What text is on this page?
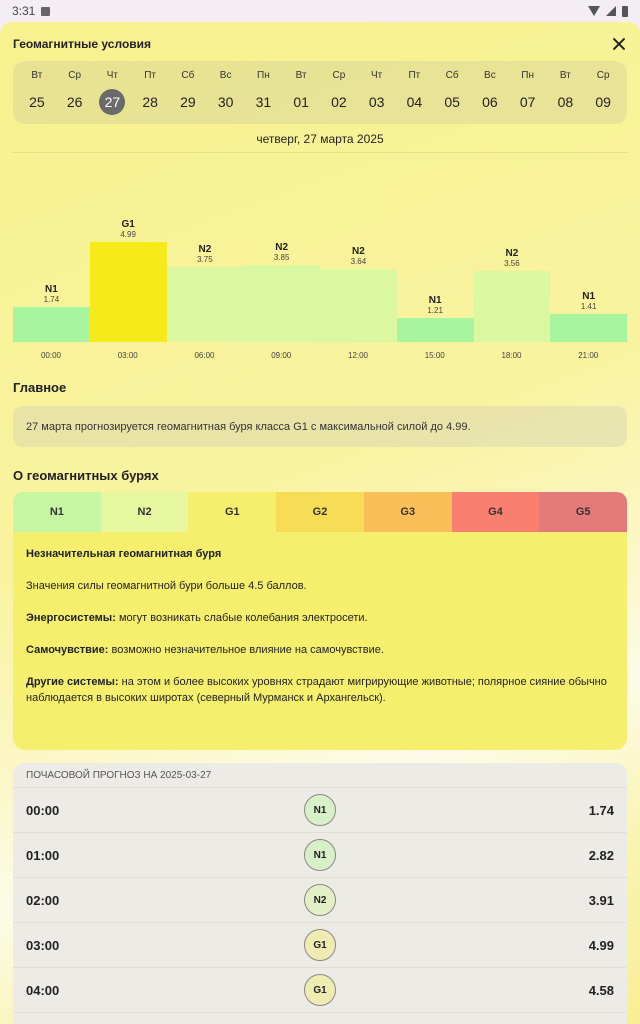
3:31
Геомагнитные условия
Вт
25
Ср
26
Чт
27
Пт
28
Сб
29
Вс
30
Пн
31
Вт
01
Ср
02
Чт
03
Пт
04
Сб
05
Вс
06
Пн
07
Вт
08
Ср
09
четверг, 27 марта 2025
N1
1.74
00:00
G1
4.99
03:00
N2
3.75
06:00
N2
3.85
09:00
N2
3.64
12:00
N1
1.21
15:00
N2
3.56
18:00
N1
1.41
21:00
Главное
27 марта прогнозируется геомагнитная буря класса G1 с максимальной силой до 4.99.
О геомагнитных бурях
N1	N2	G1	G2	G3	G4	G5

Незначительная геомагнитная буря

Значения силы геомагнитной бури больше 4.5 баллов.

Энергосистемы: могут возникать слабые колебания электросети.

Самочувствие: возможно незначительное влияние на самочувствие.

Другие системы: на этом и более высоких уровнях страдают мигрирующие животные; полярное сияние обычно наблюдается в высоких широтах (северный Мурманск и Архангельск).

ПОЧАСОВОЙ ПРОГНОЗ НА 2025-03-27
00:00	N1	1.74
01:00	N1	2.82
02:00	N2	3.91
03:00	G1	4.99
04:00	G1	4.58
